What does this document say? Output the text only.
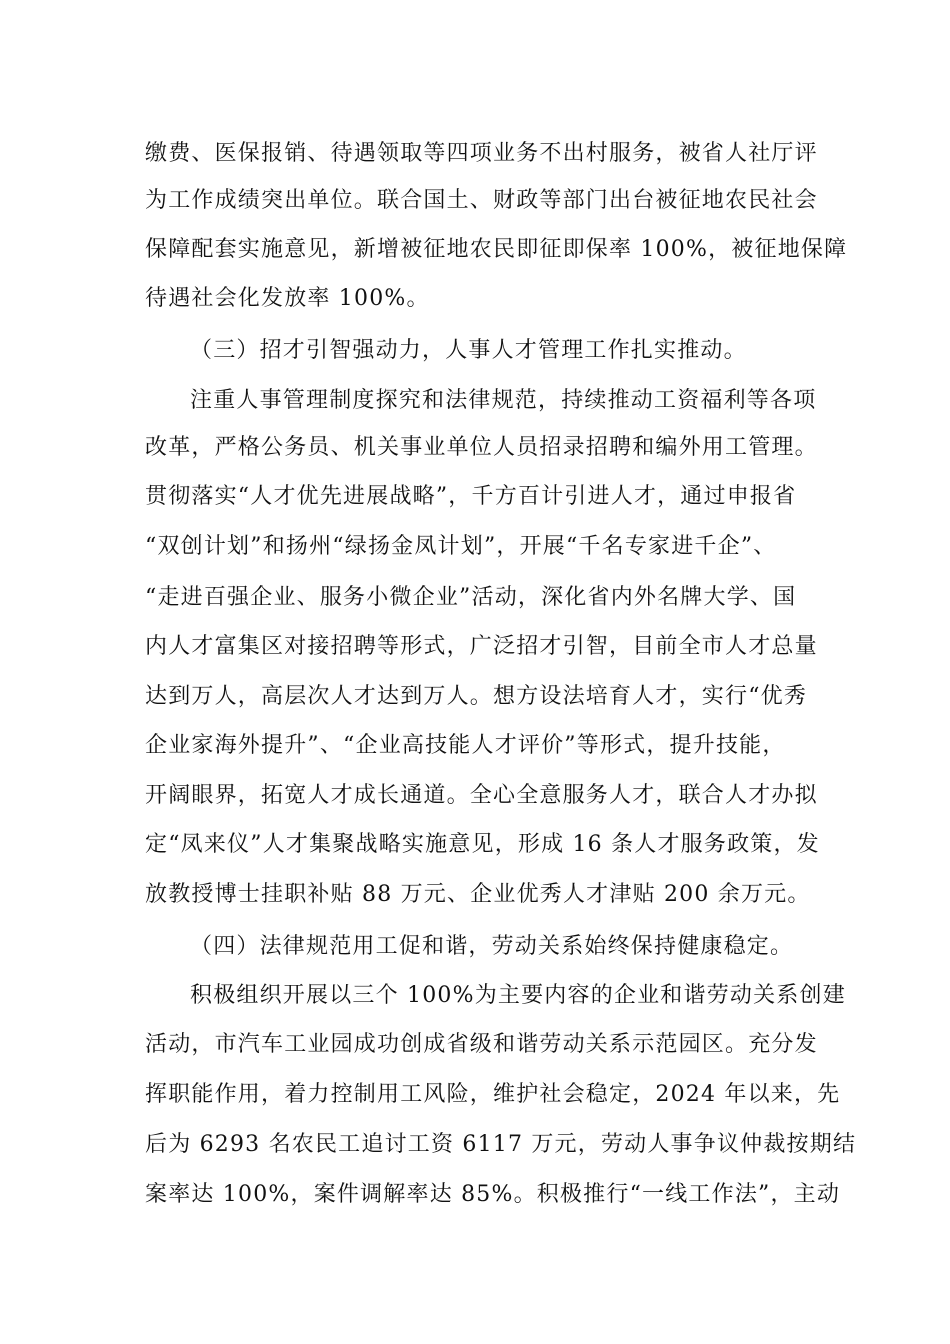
缴费、医保报销、待遇领取等四项业务不出村服务，被省人社厅评
为工作成绩突出单位。联合国土、财政等部门出台被征地农民社会
保障配套实施意见，新增被征地农民即征即保率 100%，被征地保障
待遇社会化发放率 100%。
（三）招才引智强动力，人事人才管理工作扎实推动。
注重人事管理制度探究和法律规范，持续推动工资福利等各项
改革，严格公务员、机关事业单位人员招录招聘和编外用工管理。
贯彻落实“人才优先进展战略”，千方百计引进人才，通过申报省
“双创计划”和扬州“绿扬金凤计划”，开展“千名专家进千企”、
“走进百强企业、服务小微企业”活动，深化省内外名牌大学、国
内人才富集区对接招聘等形式，广泛招才引智，目前全市人才总量
达到万人，高层次人才达到万人。想方设法培育人才，实行“优秀
企业家海外提升”、“企业高技能人才评价”等形式，提升技能，
开阔眼界，拓宽人才成长通道。全心全意服务人才，联合人才办拟
定“凤来仪”人才集聚战略实施意见，形成 16 条人才服务政策，发
放教授博士挂职补贴 88 万元、企业优秀人才津贴 200 余万元。
（四）法律规范用工促和谐，劳动关系始终保持健康稳定。
积极组织开展以三个 100%为主要内容的企业和谐劳动关系创建
活动，市汽车工业园成功创成省级和谐劳动关系示范园区。充分发
挥职能作用，着力控制用工风险，维护社会稳定，2024 年以来，先
后为 6293 名农民工追讨工资 6117 万元，劳动人事争议仲裁按期结
案率达 100%，案件调解率达 85%。积极推行“一线工作法”，主动
